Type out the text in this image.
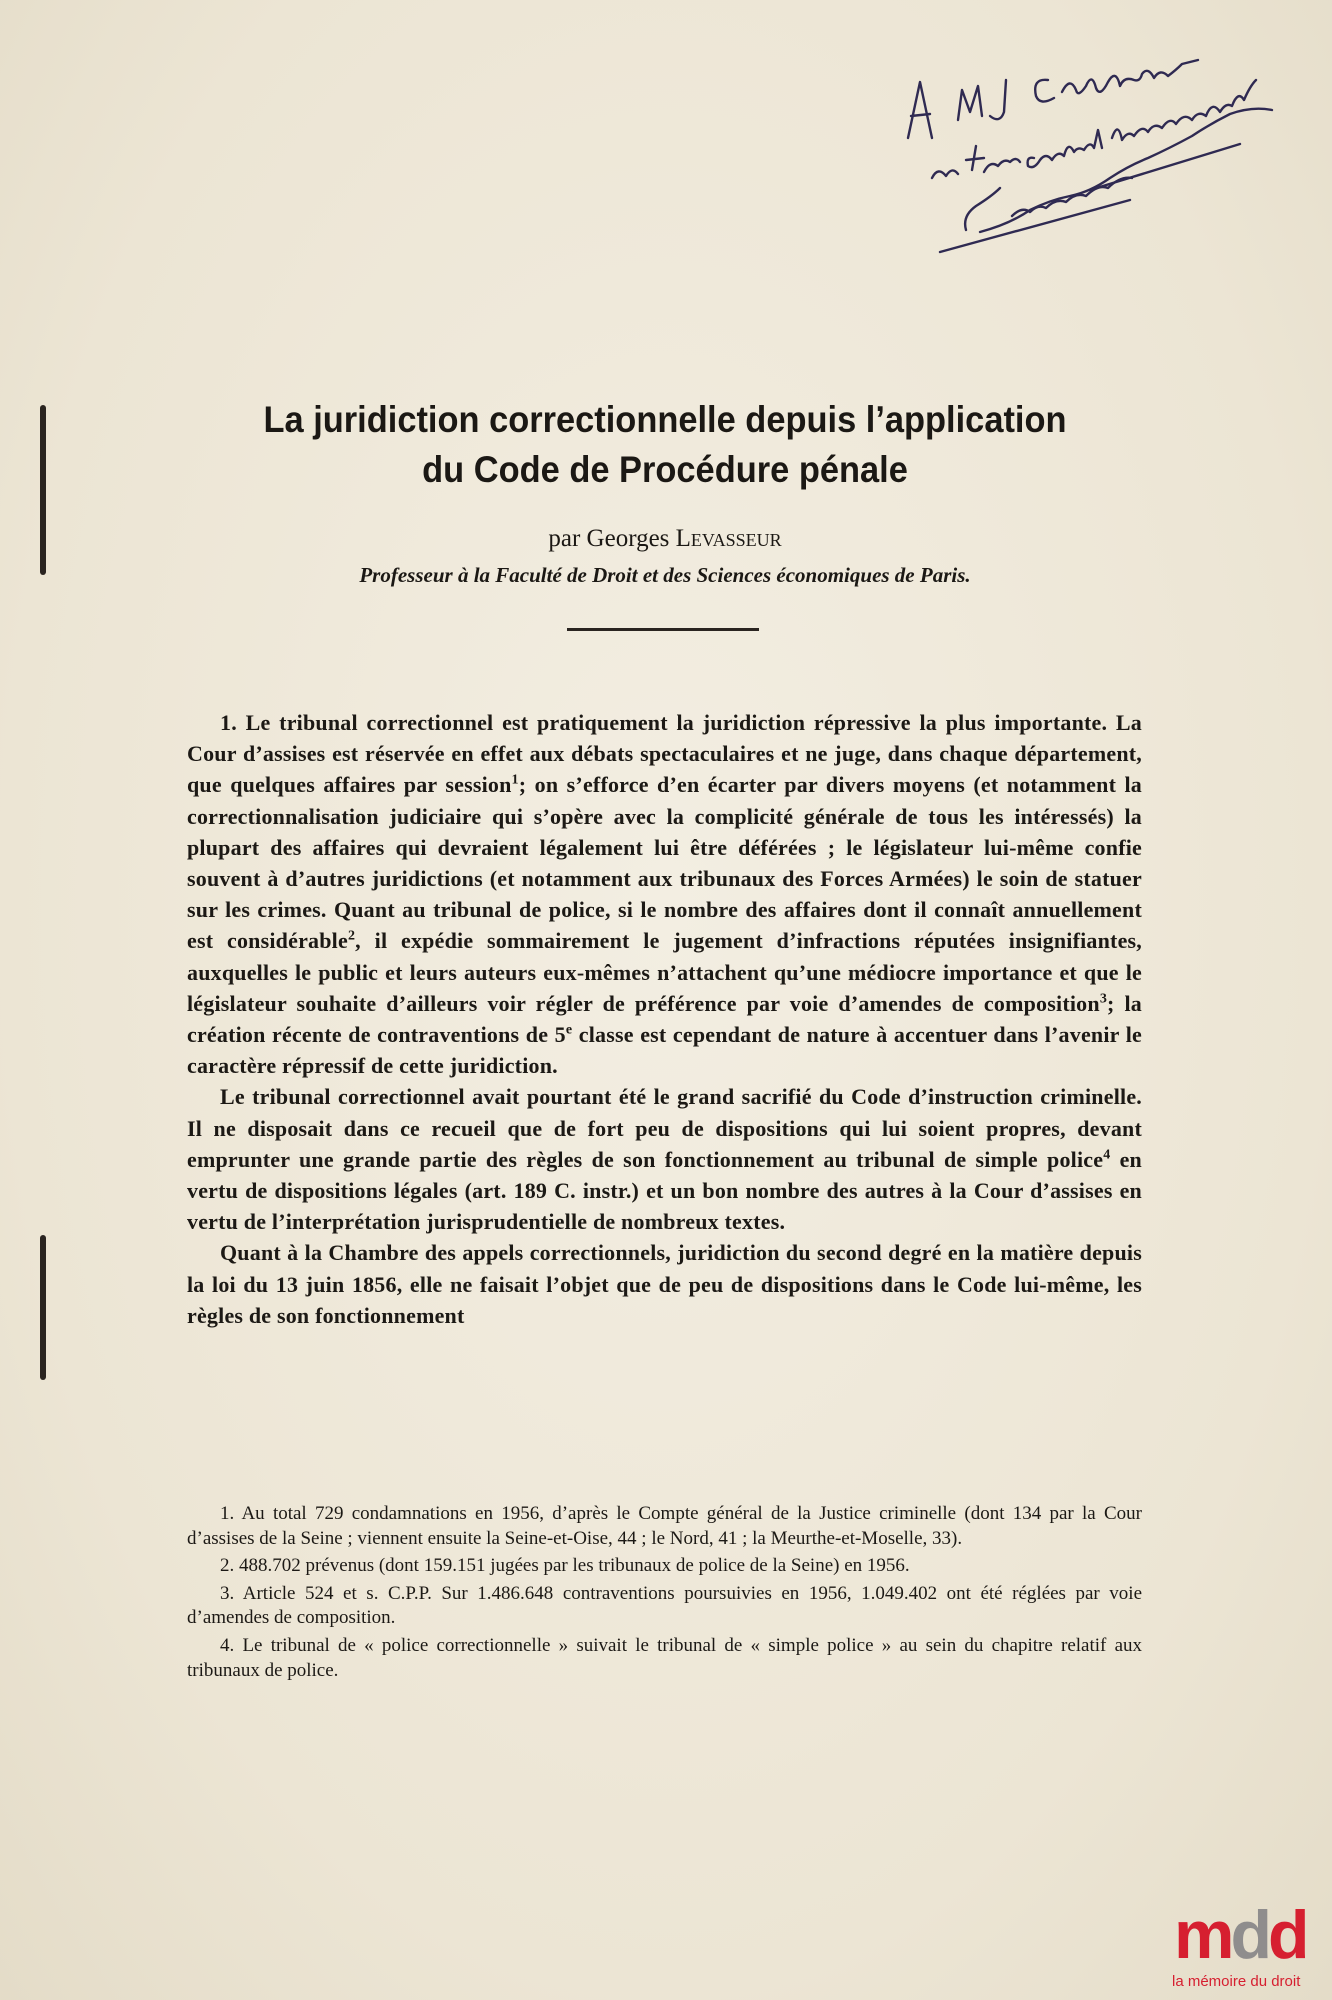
La juridiction correctionnelle depuis l’application
du Code de Procédure pénale
par Georges Levasseur
Professeur à la Faculté de Droit et des Sciences économiques de Paris.

1. Le tribunal correctionnel est pratiquement la juridiction répressive la plus importante. La Cour d’assises est réservée en effet aux débats spectaculaires et ne juge, dans chaque département, que quelques affaires par session$^1$; on s’efforce d’en écarter par divers moyens (et notamment la correctionnalisation judiciaire qui s’opère avec la complicité générale de tous les intéressés) la plupart des affaires qui devraient légalement lui être déférées ; le législateur lui-même confie souvent à d’autres juridictions (et notamment aux tribunaux des Forces Armées) le soin de statuer sur les crimes. Quant au tribunal de police, si le nombre des affaires dont il connaît annuellement est considérable$^2$, il expédie sommairement le jugement d’infractions réputées insignifiantes, auxquelles le public et leurs auteurs eux-mêmes n’attachent qu’une médiocre importance et que le législateur souhaite d’ailleurs voir régler de préférence par voie d’amendes de composition$^3$; la création récente de contraventions de 5e classe est cependant de nature à accentuer dans l’avenir le caractère répressif de cette juridiction.

Le tribunal correctionnel avait pourtant été le grand sacrifié du Code d’instruction criminelle. Il ne disposait dans ce recueil que de fort peu de dispositions qui lui soient propres, devant emprunter une grande partie des règles de son fonctionnement au tribunal de simple police$^4$ en vertu de dispositions légales (art. 189 C. instr.) et un bon nombre des autres à la Cour d’assises en vertu de l’interprétation jurisprudentielle de nombreux textes.

Quant à la Chambre des appels correctionnels, juridiction du second degré en la matière depuis la loi du 13 juin 1856, elle ne faisait l’objet que de peu de dispositions dans le Code lui-même, les règles de son fonctionnement

1. Au total 729 condamnations en 1956, d’après le Compte général de la Justice criminelle (dont 134 par la Cour d’assises de la Seine ; viennent ensuite la Seine-et-Oise, 44 ; le Nord, 41 ; la Meurthe-et-Moselle, 33).

2. 488.702 prévenus (dont 159.151 jugées par les tribunaux de police de la Seine) en 1956.

3. Article 524 et s. C.P.P. Sur 1.486.648 contraventions poursuivies en 1956, 1.049.402 ont été réglées par voie d’amendes de composition.

4. Le tribunal de « police correctionnelle » suivait le tribunal de « simple police » au sein du chapitre relatif aux tribunaux de police.

mdd
la mémoire du droit
